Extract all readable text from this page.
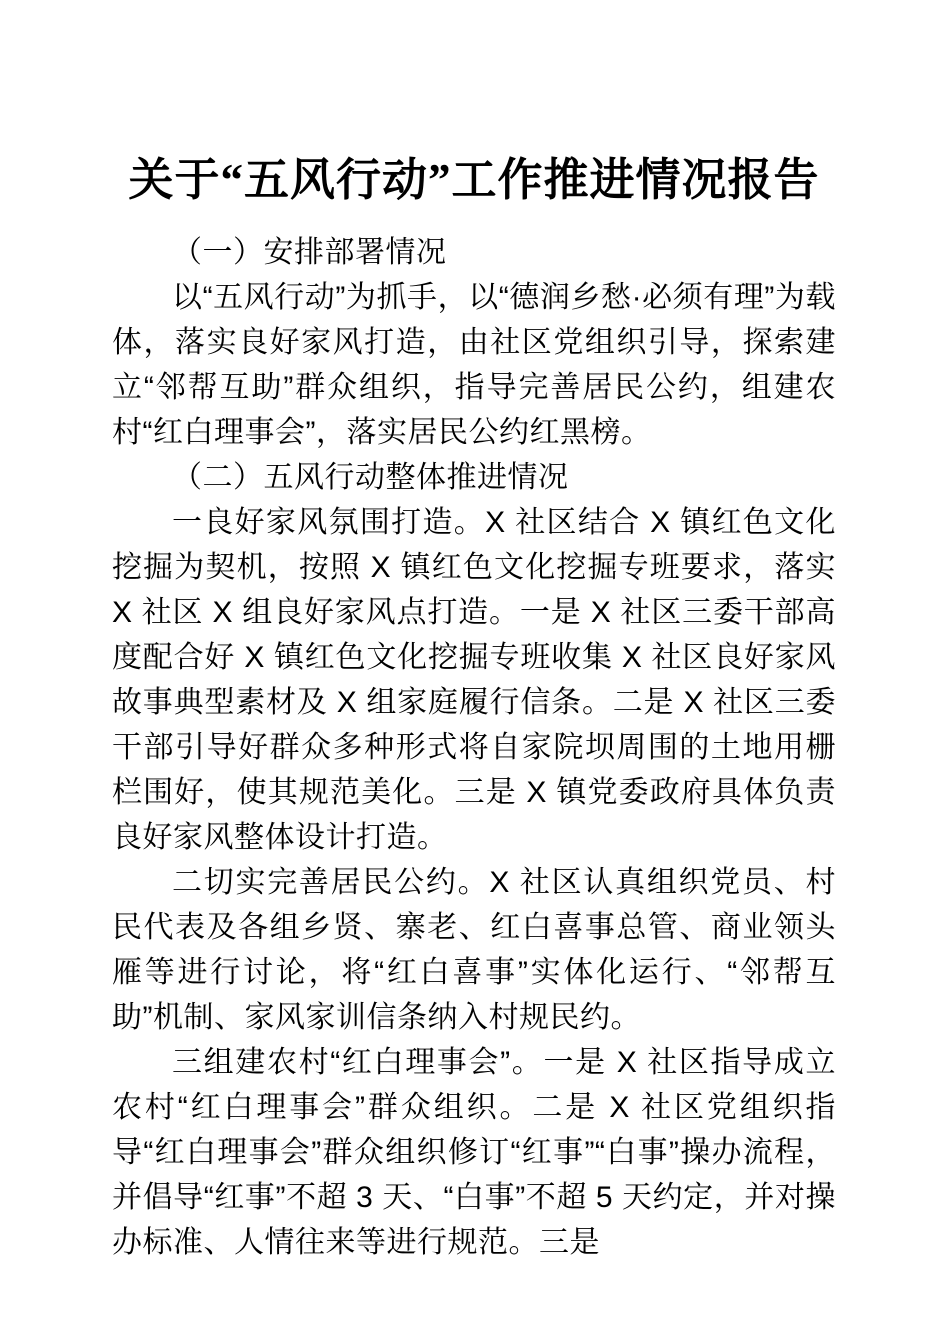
关于“五风行动”工作推进情况报告

（一）安排部署情况

以“五风行动”为抓手，以“德润乡愁·必须有理”为载体，落实良好家风打造，由社区党组织引导，探索建立“邻帮互助”群众组织，指导完善居民公约，组建农村“红白理事会”，落实居民公约红黑榜。

（二）五风行动整体推进情况

一良好家风氛围打造。X 社区结合 X 镇红色文化挖掘为契机，按照 X 镇红色文化挖掘专班要求，落实 X 社区 X 组良好家风点打造。一是 X 社区三委干部高度配合好 X 镇红色文化挖掘专班收集 X 社区良好家风故事典型素材及 X 组家庭履行信条。二是 X 社区三委干部引导好群众多种形式将自家院坝周围的土地用栅栏围好，使其规范美化。三是 X 镇党委政府具体负责良好家风整体设计打造。

二切实完善居民公约。X 社区认真组织党员、村民代表及各组乡贤、寨老、红白喜事总管、商业领头雁等进行讨论，将“红白喜事”实体化运行、“邻帮互助”机制、家风家训信条纳入村规民约。

三组建农村“红白理事会”。一是 X 社区指导成立农村“红白理事会”群众组织。二是 X 社区党组织指导“红白理事会”群众组织修订“红事”“白事”操办流程，并倡导“红事”不超 3 天、“白事”不超 5 天约定，并对操办标准、人情往来等进行规范。三是
